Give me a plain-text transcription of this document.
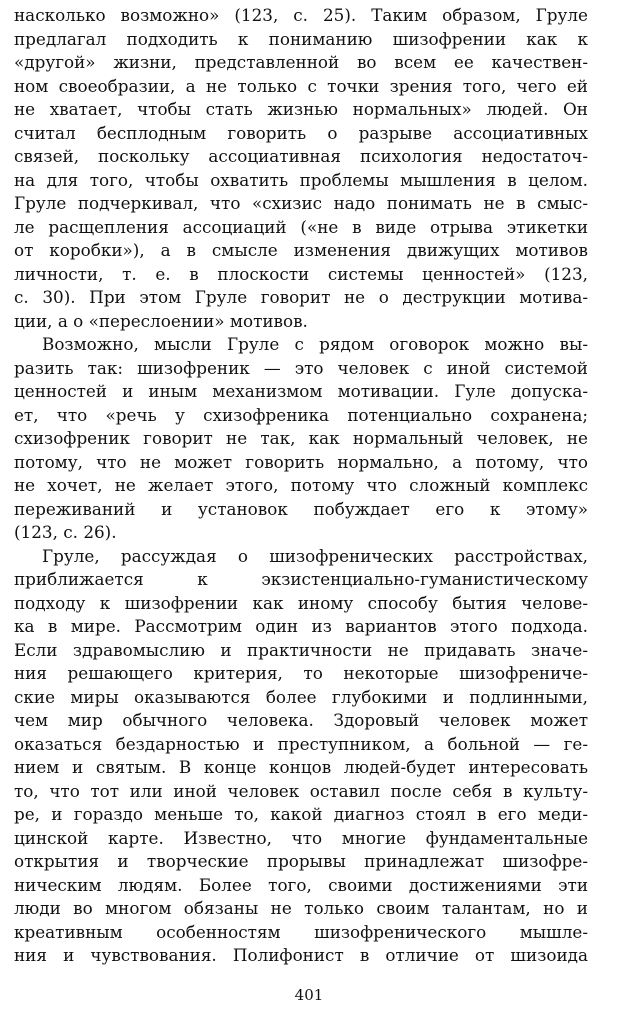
насколько возможно» (123, с. 25). Таким образом, Груле
предлагал подходить к пониманию шизофрении как к
«другой» жизни, представленной во всем ее качествен-
ном своеобразии, а не только с точки зрения того, чего ей
не хватает, чтобы стать жизнью нормальных» людей. Он
считал бесплодным говорить о разрыве ассоциативных
связей, поскольку ассоциативная психология недостаточ-
на для того, чтобы охватить проблемы мышления в целом.
Груле подчеркивал, что «схизис надо понимать не в смыс-
ле расщепления ассоциаций («не в виде отрыва этикетки
от коробки»), а в смысле изменения движущих мотивов
личности, т. е. в плоскости системы ценностей» (123,
с. 30). При этом Груле говорит не о деструкции мотива-
ции, а о «переслоении» мотивов.
Возможно, мысли Груле с рядом оговорок можно вы-
разить так: шизофреник — это человек с иной системой
ценностей и иным механизмом мотивации. Гуле допуска-
ет, что «речь у схизофреника потенциально сохранена;
схизофреник говорит не так, как нормальный человек, не
потому, что не может говорить нормально, а потому, что
не хочет, не желает этого, потому что сложный комплекс
переживаний и установок побуждает его к этому»
(123, с. 26).
Груле, рассуждая о шизофренических расстройствах,
приближается к экзистенциально-гуманистическому
подходу к шизофрении как иному способу бытия челове-
ка в мире. Рассмотрим один из вариантов этого подхода.
Если здравомыслию и практичности не придавать значе-
ния решающего критерия, то некоторые шизофрениче-
ские миры оказываются более глубокими и подлинными,
чем мир обычного человека. Здоровый человек может
оказаться бездарностью и преступником, а больной — ге-
нием и святым. В конце концов людей-будет интересовать
то, что тот или иной человек оставил после себя в культу-
ре, и гораздо меньше то, какой диагноз стоял в его меди-
цинской карте. Известно, что многие фундаментальные
открытия и творческие прорывы принадлежат шизофре-
ническим людям. Более того, своими достижениями эти
люди во многом обязаны не только своим талантам, но и
креативным особенностям шизофренического мышле-
ния и чувствования. Полифонист в отличие от шизоида
401
